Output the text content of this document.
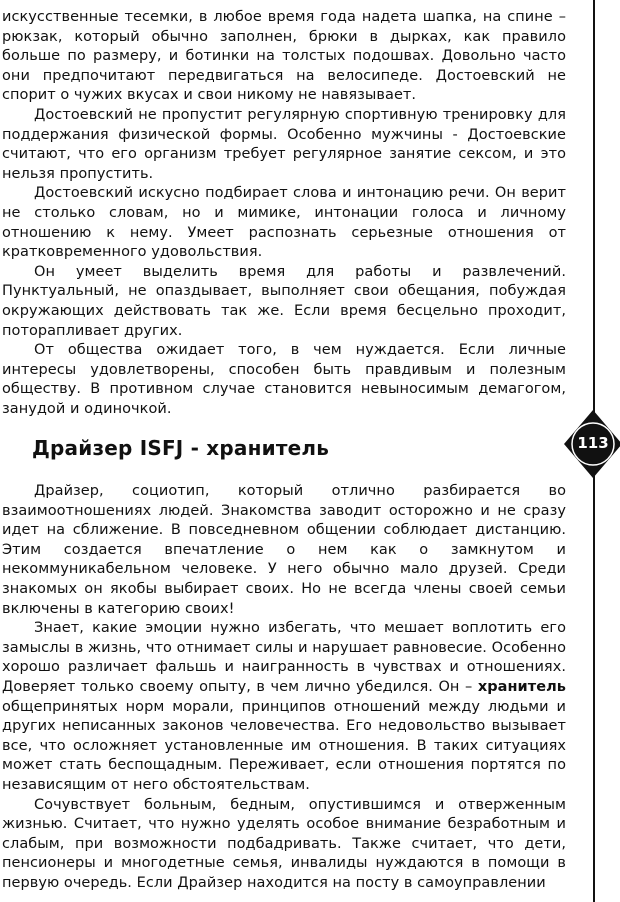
искусственные тесемки, в любое время года надета шапка, на спине – рюкзак, который обычно заполнен, брюки в дырках, как правило больше по размеру, и ботинки на толстых подошвах. Довольно часто они предпочитают передвигаться на велосипеде. Достоевский не спорит о чужих вкусах и свои никому не навязывает.

Достоевский не пропустит регулярную спортивную тренировку для поддержания физической формы. Особенно мужчины - Достоевские считают, что его организм требует регулярное занятие сексом, и это нельзя пропустить.

Достоевский искусно подбирает слова и интонацию речи. Он верит не столько словам, но и мимике, интонации голоса и личному отношению к нему. Умеет распознать серьезные отношения от кратковременного удовольствия.

Он умеет выделить время для работы и развлечений. Пунктуальный, не опаздывает, выполняет свои обещания, побуждая окружающих действовать так же. Если время бесцельно проходит, поторапливает других.

От общества ожидает того, в чем нуждается. Если личные интересы удовлетворены, способен быть правдивым и полезным обществу. В противном случае становится невыносимым демагогом, занудой и одиночкой.

Драйзер ISFJ - хранитель

Драйзер, социотип, который отлично разбирается во взаимоотношениях людей. Знакомства заводит осторожно и не сразу идет на сближение. В повседневном общении соблюдает дистанцию. Этим создается впечатление о нем как о замкнутом и некоммуникабельном человеке. У него обычно мало друзей. Среди знакомых он якобы выбирает своих. Но не всегда члены своей семьи включены в категорию своих!

Знает, какие эмоции нужно избегать, что мешает воплотить его замыслы в жизнь, что отнимает силы и нарушает равновесие. Особенно хорошо различает фальшь и наигранность в чувствах и отношениях. Доверяет только своему опыту, в чем лично убедился. Он – хранитель общепринятых норм морали, принципов отношений между людьми и других неписанных законов человечества. Его недовольство вызывает все, что осложняет установленные им отношения. В таких ситуациях может стать беспощадным. Переживает, если отношения портятся по независящим от него обстоятельствам.

Сочувствует больным, бедным, опустившимся и отверженным жизнью. Считает, что нужно уделять особое внимание безработным и слабым, при возможности подбадривать. Также считает, что дети, пенсионеры и многодетные семья, инвалиды нуждаются в помощи в первую очередь. Если Драйзер находится на посту в самоуправлении

113
